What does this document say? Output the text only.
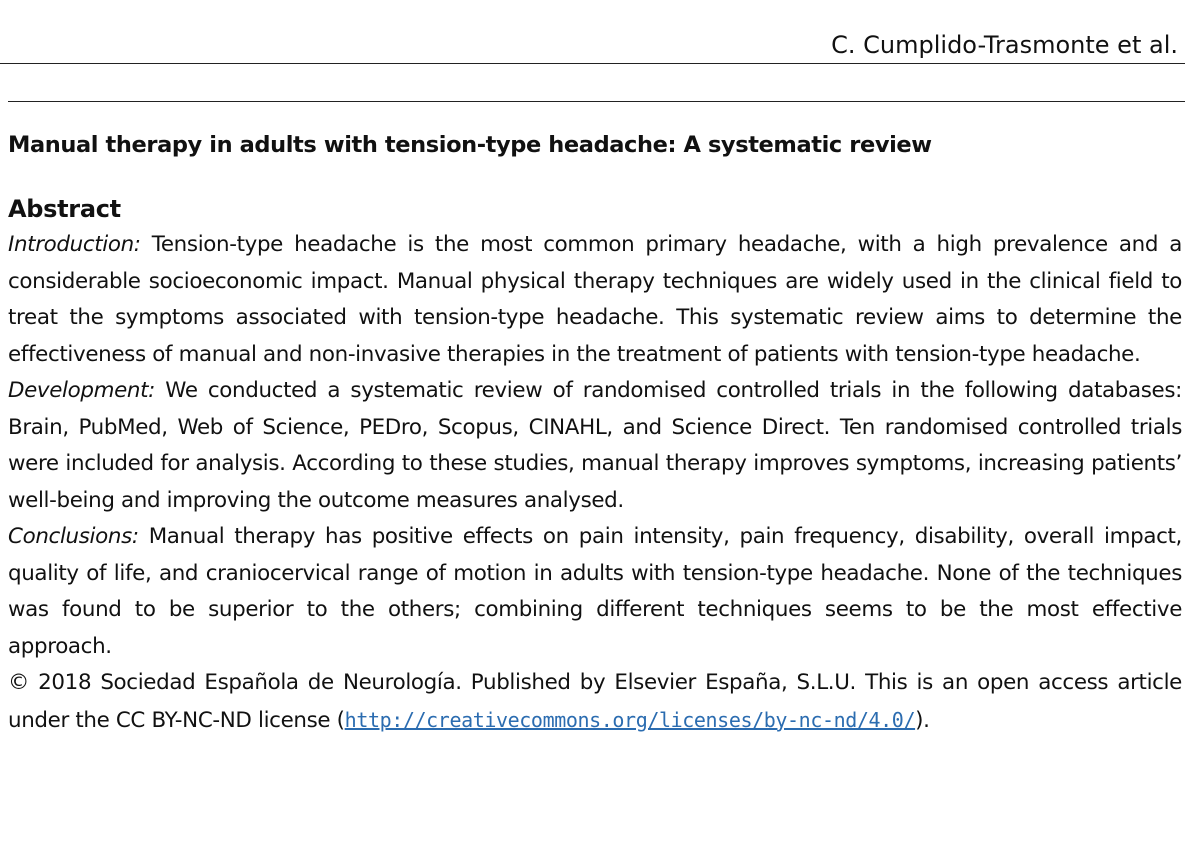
C. Cumplido-Trasmonte et al.
Manual therapy in adults with tension-type headache: A systematic review
Abstract

Introduction: Tension-type headache is the most common primary headache, with a high prevalence and a considerable socioeconomic impact. Manual physical therapy techniques are widely used in the clinical field to treat the symptoms associated with tension-type headache. This systematic review aims to determine the effectiveness of manual and non-invasive therapies in the treatment of patients with tension-type headache.

Development: We conducted a systematic review of randomised controlled trials in the following databases: Brain, PubMed, Web of Science, PEDro, Scopus, CINAHL, and Science Direct. Ten randomised controlled trials were included for analysis. According to these studies, manual therapy improves symptoms, increasing patients’ well-being and improving the outcome measures analysed.

Conclusions: Manual therapy has positive effects on pain intensity, pain frequency, disability, overall impact, quality of life, and craniocervical range of motion in adults with tension-type headache. None of the techniques was found to be superior to the others; combining different techniques seems to be the most effective approach.

© 2018 Sociedad Española de Neurología. Published by Elsevier España, S.L.U. This is an open access article under the CC BY-NC-ND license (http://creativecommons.org/licenses/by-nc-nd/4.0/).
